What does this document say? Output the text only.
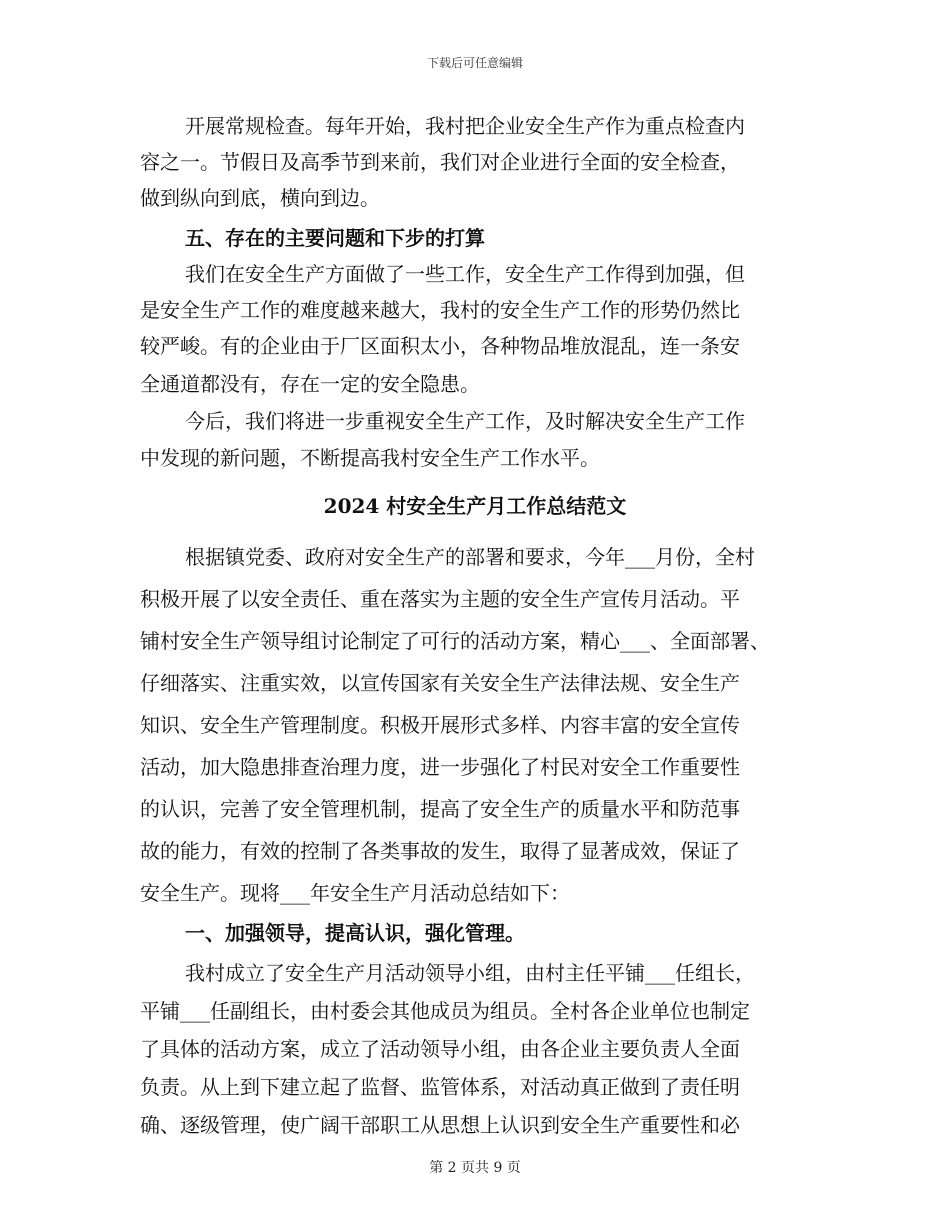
下载后可任意编辑
开展常规检查。每年开始，我村把企业安全生产作为重点检查内
容之一。节假日及高季节到来前，我们对企业进行全面的安全检查，
做到纵向到底，横向到边。
五、存在的主要问题和下步的打算
我们在安全生产方面做了一些工作，安全生产工作得到加强，但
是安全生产工作的难度越来越大，我村的安全生产工作的形势仍然比
较严峻。有的企业由于厂区面积太小，各种物品堆放混乱，连一条安
全通道都没有，存在一定的安全隐患。
今后，我们将进一步重视安全生产工作，及时解决安全生产工作
中发现的新问题，不断提高我村安全生产工作水平。
2024 村安全生产月工作总结范文
根据镇党委、政府对安全生产的部署和要求，今年___月份，全村
积极开展了以安全责任、重在落实为主题的安全生产宣传月活动。平
铺村安全生产领导组讨论制定了可行的活动方案，精心___、全面部署、
仔细落实、注重实效，以宣传国家有关安全生产法律法规、安全生产
知识、安全生产管理制度。积极开展形式多样、内容丰富的安全宣传
活动，加大隐患排查治理力度，进一步强化了村民对安全工作重要性
的认识，完善了安全管理机制，提高了安全生产的质量水平和防范事
故的能力，有效的控制了各类事故的发生，取得了显著成效，保证了
安全生产。现将___年安全生产月活动总结如下：
一、加强领导，提高认识，强化管理。
我村成立了安全生产月活动领导小组，由村主任平铺___任组长，
平铺___任副组长，由村委会其他成员为组员。全村各企业单位也制定
了具体的活动方案，成立了活动领导小组，由各企业主要负责人全面
负责。从上到下建立起了监督、监管体系，对活动真正做到了责任明
确、逐级管理，使广阔干部职工从思想上认识到安全生产重要性和必
第 2 页共 9 页
